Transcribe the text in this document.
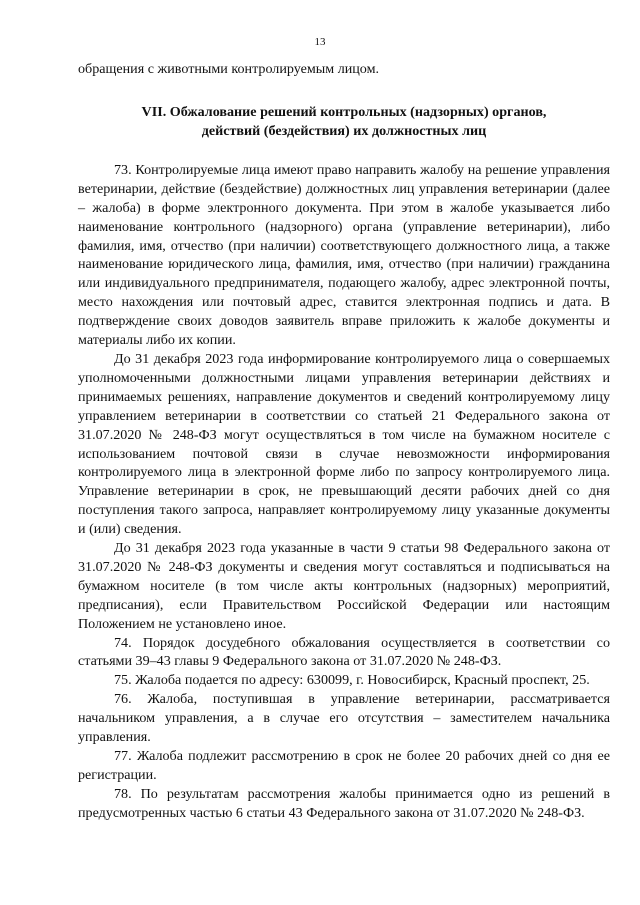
13

обращения с животными контролируемым лицом.

VII. Обжалование решений контрольных (надзорных) органов,
действий (бездействия) их должностных лиц

73. Контролируемые лица имеют право направить жалобу на решение управления ветеринарии, действие (бездействие) должностных лиц управления ветеринарии (далее – жалоба) в форме электронного документа. При этом в жалобе указывается либо наименование контрольного (надзорного) органа (управление ветеринарии), либо фамилия, имя, отчество (при наличии) соответствующего должностного лица, а также наименование юридического лица, фамилия, имя, отчество (при наличии) гражданина или индивидуального предпринимателя, подающего жалобу, адрес электронной почты, место нахождения или почтовый адрес, ставится электронная подпись и дата. В подтверждение своих доводов заявитель вправе приложить к жалобе документы и материалы либо их копии.

До 31 декабря 2023 года информирование контролируемого лица о совершаемых уполномоченными должностными лицами управления ветеринарии действиях и принимаемых решениях, направление документов и сведений контролируемому лицу управлением ветеринарии в соответствии со статьей 21 Федерального закона от 31.07.2020 № 248-ФЗ могут осуществляться в том числе на бумажном носителе с использованием почтовой связи в случае невозможности информирования контролируемого лица в электронной форме либо по запросу контролируемого лица. Управление ветеринарии в срок, не превышающий десяти рабочих дней со дня поступления такого запроса, направляет контролируемому лицу указанные документы и (или) сведения.

До 31 декабря 2023 года указанные в части 9 статьи 98 Федерального закона от 31.07.2020 № 248-ФЗ документы и сведения могут составляться и подписываться на бумажном носителе (в том числе акты контрольных (надзорных) мероприятий, предписания), если Правительством Российской Федерации или настоящим Положением не установлено иное.

74. Порядок досудебного обжалования осуществляется в соответствии со статьями 39–43 главы 9 Федерального закона от 31.07.2020 № 248-ФЗ.

75. Жалоба подается по адресу: 630099, г. Новосибирск, Красный проспект, 25.

76. Жалоба, поступившая в управление ветеринарии, рассматривается начальником управления, а в случае его отсутствия – заместителем начальника управления.

77. Жалоба подлежит рассмотрению в срок не более 20 рабочих дней со дня ее регистрации.

78. По результатам рассмотрения жалобы принимается одно из решений в предусмотренных частью 6 статьи 43 Федерального закона от 31.07.2020 № 248-ФЗ.
